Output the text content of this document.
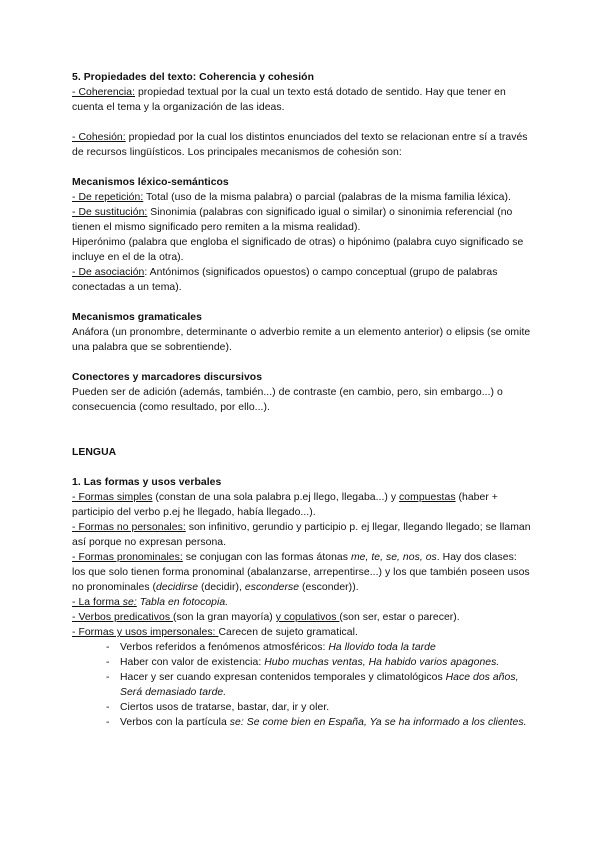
5. Propiedades del texto: Coherencia y cohesión

- Coherencia: propiedad textual por la cual un texto está dotado de sentido. Hay que tener en cuenta el tema y la organización de las ideas.

- Cohesión: propiedad por la cual los distintos enunciados del texto se relacionan entre sí a través de recursos lingüísticos. Los principales mecanismos de cohesión son:

Mecanismos léxico-semánticos

- De repetición: Total (uso de la misma palabra) o parcial (palabras de la misma familia léxica).

- De sustitución: Sinonimia (palabras con significado igual o similar) o sinonimia referencial (no tienen el mismo significado pero remiten a la misma realidad).

Hiperónimo (palabra que engloba el significado de otras) o hipónimo (palabra cuyo significado se incluye en el de la otra).

- De asociación: Antónimos (significados opuestos) o campo conceptual (grupo de palabras conectadas a un tema).

Mecanismos gramaticales

Anáfora (un pronombre, determinante o adverbio remite a un elemento anterior) o elipsis (se omite una palabra que se sobrentiende).

Conectores y marcadores discursivos

Pueden ser de adición (además, también...) de contraste (en cambio, pero, sin embargo...) o consecuencia (como resultado, por ello...).

LENGUA

1. Las formas y usos verbales

- Formas simples (constan de una sola palabra p.ej llego, llegaba...) y compuestas (haber + participio del verbo p.ej he llegado, había llegado...).

- Formas no personales: son infinitivo, gerundio y participio p. ej llegar, llegando llegado; se llaman así porque no expresan persona.

- Formas pronominales: se conjugan con las formas átonas me, te, se, nos, os. Hay dos clases: los que solo tienen forma pronominal (abalanzarse, arrepentirse...) y los que también poseen usos no pronominales (decidirse (decidir), esconderse (esconder)).

- La forma se: Tabla en fotocopia.

- Verbos predicativos (son la gran mayoría) y copulativos (son ser, estar o parecer).

- Formas y usos impersonales: Carecen de sujeto gramatical.

- Verbos referidos a fenómenos atmosféricos: Ha llovido toda la tarde
- Haber con valor de existencia: Hubo muchas ventas, Ha habido varios apagones.
- Hacer y ser cuando expresan contenidos temporales y climatológicos Hace dos años, Será demasiado tarde.
- Ciertos usos de tratarse, bastar, dar, ir y oler.
- Verbos con la partícula se: Se come bien en España, Ya se ha informado a los clientes.
